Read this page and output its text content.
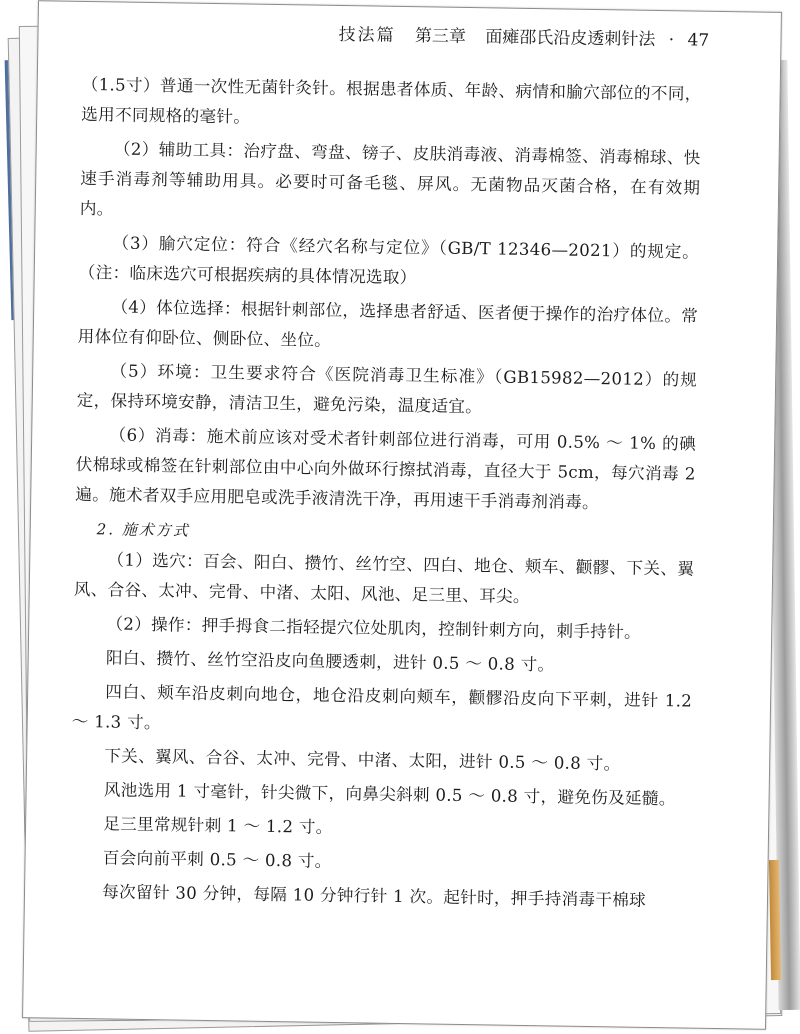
技法篇 第三章 面瘫邵氏沿皮透刺针法 · 47

（1.5寸）普通一次性无菌针灸针。根据患者体质、年龄、病情和腧穴部位的不同，选用不同规格的毫针。

（2）辅助工具：治疗盘、弯盘、镑子、皮肤消毒液、消毒棉签、消毒棉球、快速手消毒剂等辅助用具。必要时可备毛毯、屏风。无菌物品灭菌合格，在有效期内。

（3）腧穴定位：符合《经穴名称与定位》（GB/T 12346—2021）的规定。（注：临床选穴可根据疾病的具体情况选取）

（4）体位选择：根据针刺部位，选择患者舒适、医者便于操作的治疗体位。常用体位有仰卧位、侧卧位、坐位。

（5）环境：卫生要求符合《医院消毒卫生标准》（GB15982—2012）的规定，保持环境安静，清洁卫生，避免污染，温度适宜。

（6）消毒：施术前应该对受术者针刺部位进行消毒，可用 0.5% ～ 1% 的碘伏棉球或棉签在针刺部位由中心向外做环行擦拭消毒，直径大于 5cm，每穴消毒 2 遍。施术者双手应用肥皂或洗手液清洗干净，再用速干手消毒剂消毒。

2. 施术方式

（1）选穴：百会、阳白、攒竹、丝竹空、四白、地仓、颊车、颧髎、下关、翼风、合谷、太冲、完骨、中渚、太阳、风池、足三里、耳尖。

（2）操作：押手拇食二指轻提穴位处肌肉，控制针刺方向，刺手持针。

阳白、攒竹、丝竹空沿皮向鱼腰透刺，进针 0.5 ～ 0.8 寸。

四白、颊车沿皮刺向地仓，地仓沿皮刺向颊车，颧髎沿皮向下平刺，进针 1.2 ～ 1.3 寸。

下关、翼风、合谷、太冲、完骨、中渚、太阳，进针 0.5 ～ 0.8 寸。

风池选用 1 寸毫针，针尖微下，向鼻尖斜刺 0.5 ～ 0.8 寸，避免伤及延髓。

足三里常规针刺 1 ～ 1.2 寸。

百会向前平刺 0.5 ～ 0.8 寸。

每次留针 30 分钟，每隔 10 分钟行针 1 次。起针时，押手持消毒干棉球
